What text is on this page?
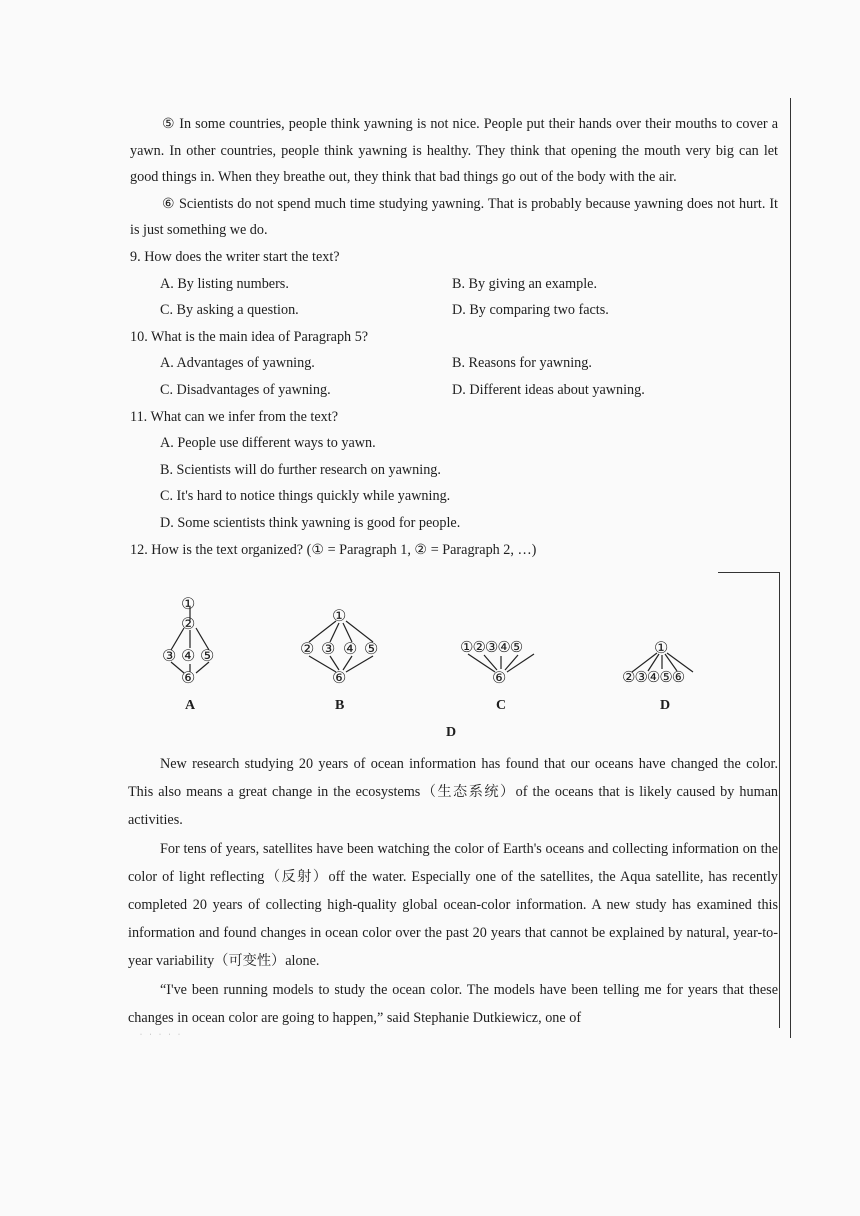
⑤ In some countries, people think yawning is not nice. People put their hands over their mouths to cover a yawn. In other countries, people think yawning is healthy. They think that opening the mouth very big can let good things in. When they breathe out, they think that bad things go out of the body with the air.

⑥ Scientists do not spend much time studying yawning. That is probably because yawning does not hurt. It is just something we do.

9. How does the writer start the text?

A. By listing numbers.	B. By giving an example.
C. By asking a question.	D. By comparing two facts.

10. What is the main idea of Paragraph 5?

A. Advantages of yawning.	B. Reasons for yawning.
C. Disadvantages of yawning.	D. Different ideas about yawning.

11. What can we infer from the text?

A. People use different ways to yawn.
B. Scientists will do further research on yawning.
C. It's hard to notice things quickly while yawning.
D. Some scientists think yawning is good for people.

12. How is the text organized? (① = Paragraph 1, ② = Paragraph 2, …)

①
②
③ ④ ⑤
⑥
①
② ③ ④ ⑤
⑥
①②③④⑤
⑥
①
②③④⑤⑥
A	B	C	D
D

New research studying 20 years of ocean information has found that our oceans have changed the color. This also means a great change in the ecosystems（生态系统）of the oceans that is likely caused by human activities.

For tens of years, satellites have been watching the color of Earth's oceans and collecting information on the color of light reflecting（反射）off the water. Especially one of the satellites, the Aqua satellite, has recently completed 20 years of collecting high-quality global ocean-color information. A new study has examined this information and found changes in ocean color over the past 20 years that cannot be explained by natural, year-to-year variability（可变性）alone.

“I've been running models to study the ocean color. The models have been telling me for years that these changes in ocean color are going to happen,” said Stephanie Dutkiewicz, one of

· · · · ·
